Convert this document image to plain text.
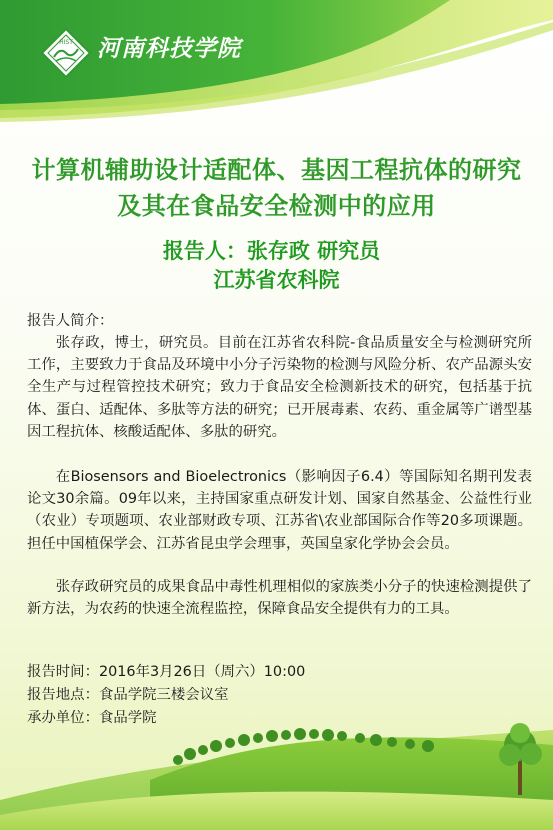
HIST 河南科技学院
计算机辅助设计适配体、基因工程抗体的研究
及其在食品安全检测中的应用
报告人：张存政 研究员
江苏省农科院
报告人简介：

张存政，博士，研究员。目前在江苏省农科院-食品质量安全与检测研究所工作，主要致力于食品及环境中小分子污染物的检测与风险分析、农产品源头安全生产与过程管控技术研究；致力于食品安全检测新技术的研究，包括基于抗体、蛋白、适配体、多肽等方法的研究；已开展毒素、农药、重金属等广谱型基因工程抗体、核酸适配体、多肽的研究。

在Biosensors and Bioelectronics（影响因子6.4）等国际知名期刊发表论文30余篇。09年以来，主持国家重点研发计划、国家自然基金、公益性行业（农业）专项题项、农业部财政专项、江苏省\农业部国际合作等20多项课题。担任中国植保学会、江苏省昆虫学会理事，英国皇家化学协会会员。

张存政研究员的成果食品中毒性机理相似的家族类小分子的快速检测提供了新方法，为农药的快速全流程监控，保障食品安全提供有力的工具。

报告时间：2016年3月26日（周六）10:00
报告地点：食品学院三楼会议室
承办单位：食品学院
